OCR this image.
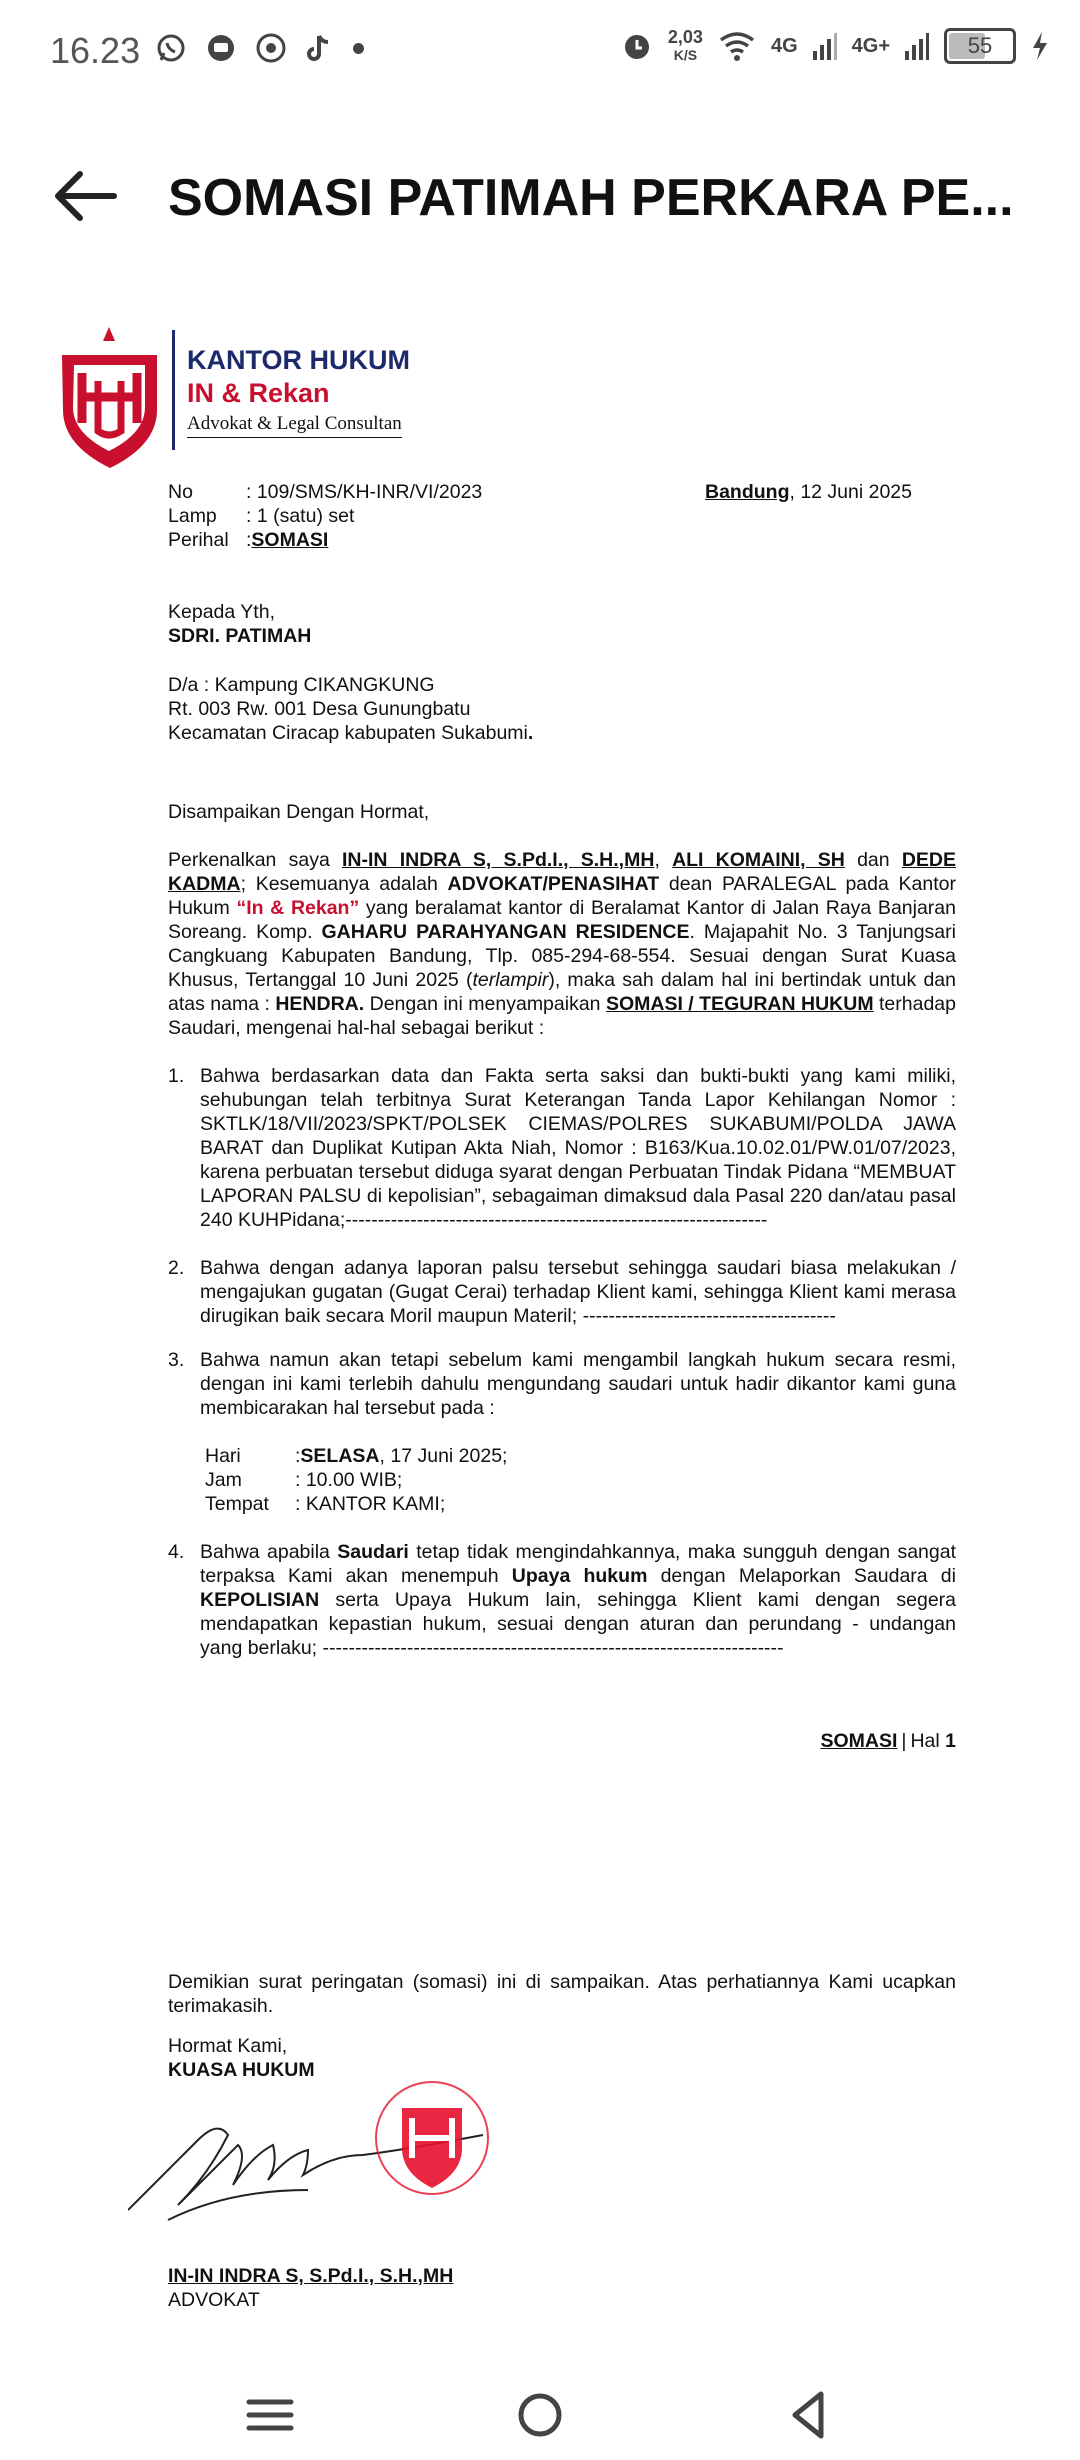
16.23	2,03
K/S	4G	4G+	55
SOMASI PATIMAH PERKARA PE...
KANTOR HUKUM
IN & Rekan
Advokat & Legal Consultan
No	: 109/SMS/KH-INR/VI/2023
Lamp	: 1 (satu) set
Perihal : SOMASI
Bandung, 12 Juni 2025
Kepada Yth,
SDRI. PATIMAH
D/a : Kampung CIKANGKUNG
Rt. 003 Rw. 001 Desa Gunungbatu
Kecamatan Ciracap kabupaten Sukabumi.
Disampaikan Dengan Hormat,
Perkenalkan saya IN-IN INDRA S, S.Pd.I., S.H.,MH, ALI KOMAINI, SH dan DEDE KADMA; Kesemuanya adalah ADVOKAT/PENASIHAT dean PARALEGAL pada Kantor Hukum “In & Rekan” yang beralamat kantor di Beralamat Kantor di Jalan Raya Banjaran Soreang. Komp. GAHARU PARAHYANGAN RESIDENCE. Majapahit No. 3 Tanjungsari Cangkuang Kabupaten Bandung, Tlp. 085-294-68-554. Sesuai dengan Surat Kuasa Khusus, Tertanggal 10 Juni 2025 (terlampir), maka sah dalam hal ini bertindak untuk dan atas nama : HENDRA. Dengan ini menyampaikan SOMASI / TEGURAN HUKUM terhadap Saudari, mengenai hal-hal sebagai berikut :
1. Bahwa berdasarkan data dan Fakta serta saksi dan bukti-bukti yang kami miliki, sehubungan telah terbitnya Surat Keterangan Tanda Lapor Kehilangan Nomor : SKTLK/18/VII/2023/SPKT/POLSEK CIEMAS/POLRES SUKABUMI/POLDA JAWA BARAT dan Duplikat Kutipan Akta Niah, Nomor : B163/Kua.10.02.01/PW.01/07/2023, karena perbuatan tersebut diduga syarat dengan Perbuatan Tindak Pidana “MEMBUAT LAPORAN PALSU di kepolisian”, sebagaiman dimaksud dala Pasal 220 dan/atau pasal 240 KUHPidana;-----------------------------------------------------------------
2. Bahwa dengan adanya laporan palsu tersebut sehingga saudari biasa melakukan / mengajukan gugatan (Gugat Cerai) terhadap Klient kami, sehingga Klient kami merasa dirugikan baik secara Moril maupun Materil; ---------------------------------------
3. Bahwa namun akan tetapi sebelum kami mengambil langkah hukum secara resmi, dengan ini kami terlebih dahulu mengundang saudari untuk hadir dikantor kami guna membicarakan hal tersebut pada :
Hari	: SELASA , 17 Juni 2025;
Jam	: 10.00 WIB;
Tempat	: KANTOR KAMI;
4. Bahwa apabila Saudari tetap tidak mengindahkannya, maka sungguh dengan sangat terpaksa Kami akan menempuh Upaya hukum dengan Melaporkan Saudara di KEPOLISIAN serta Upaya Hukum lain, sehingga Klient kami dengan segera mendapatkan kepastian hukum, sesuai dengan aturan dan perundang - undangan yang berlaku; -----------------------------------------------------------------------
SOMASI | Hal 1
Demikian surat peringatan (somasi) ini di sampaikan. Atas perhatiannya Kami ucapkan terimakasih.
Hormat Kami,
KUASA HUKUM
IN-IN INDRA S, S.Pd.I., S.H.,MH
ADVOKAT
